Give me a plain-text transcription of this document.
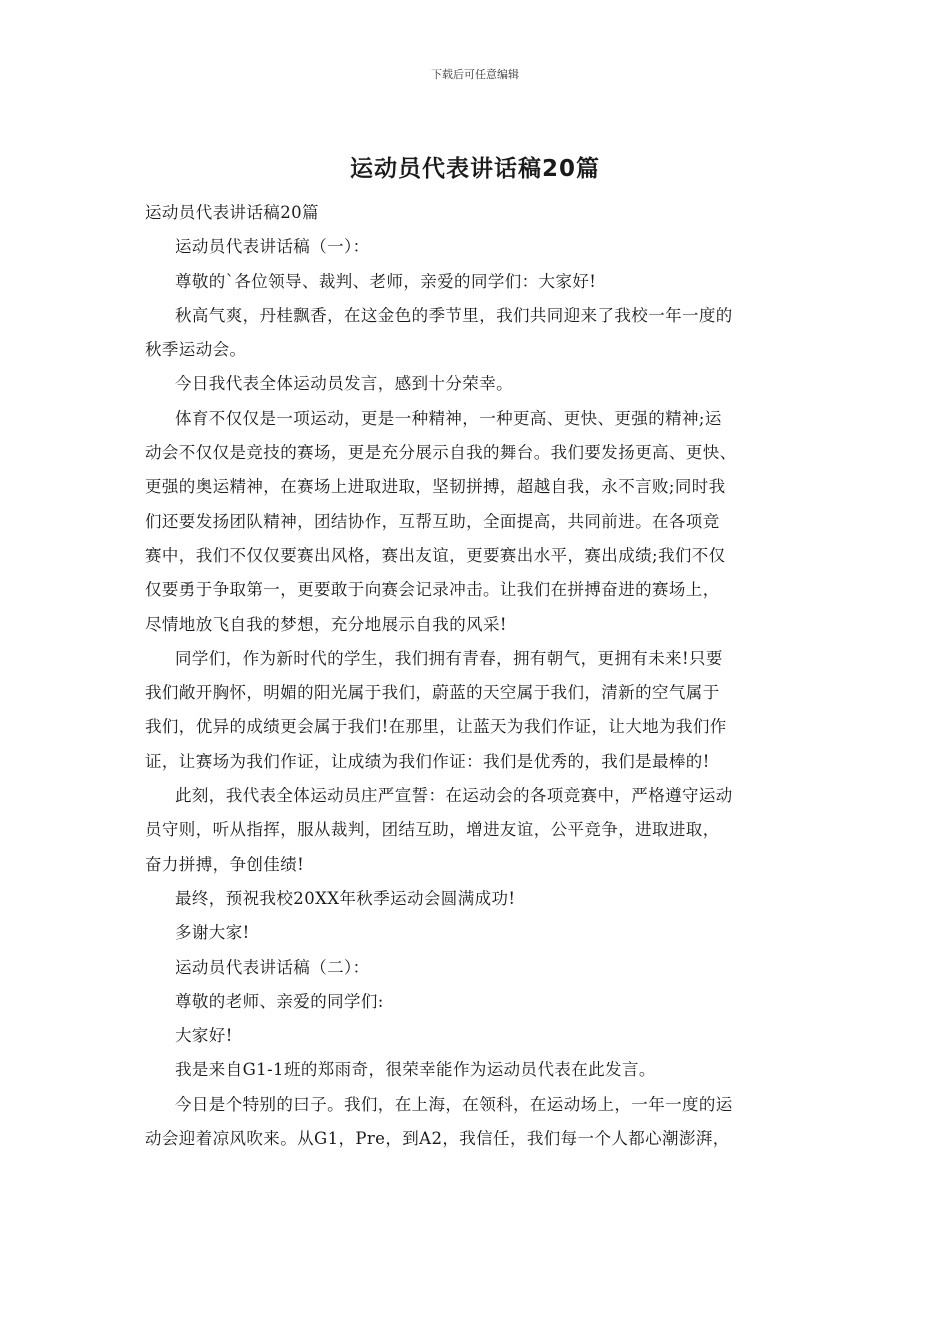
下载后可任意编辑
运动员代表讲话稿20篇
运动员代表讲话稿20篇
运动员代表讲话稿（一）：
尊敬的`各位领导、裁判、老师，亲爱的同学们：大家好!
秋高气爽，丹桂飘香，在这金色的季节里，我们共同迎来了我校一年一度的
秋季运动会。
今日我代表全体运动员发言，感到十分荣幸。
体育不仅仅是一项运动，更是一种精神，一种更高、更快、更强的精神;运
动会不仅仅是竞技的赛场，更是充分展示自我的舞台。我们要发扬更高、更快、
更强的奥运精神，在赛场上进取进取，坚韧拼搏，超越自我，永不言败;同时我
们还要发扬团队精神，团结协作，互帮互助，全面提高，共同前进。在各项竞
赛中，我们不仅仅要赛出风格，赛出友谊，更要赛出水平，赛出成绩;我们不仅
仅要勇于争取第一，更要敢于向赛会记录冲击。让我们在拼搏奋进的赛场上，
尽情地放飞自我的梦想，充分地展示自我的风采!
同学们，作为新时代的学生，我们拥有青春，拥有朝气，更拥有未来!只要
我们敞开胸怀，明媚的阳光属于我们，蔚蓝的天空属于我们，清新的空气属于
我们，优异的成绩更会属于我们!在那里，让蓝天为我们作证，让大地为我们作
证，让赛场为我们作证，让成绩为我们作证：我们是优秀的，我们是最棒的!
此刻，我代表全体运动员庄严宣誓：在运动会的各项竞赛中，严格遵守运动
员守则，听从指挥，服从裁判，团结互助，增进友谊，公平竞争，进取进取，
奋力拼搏，争创佳绩!
最终，预祝我校20XX年秋季运动会圆满成功!
多谢大家!
运动员代表讲话稿（二）：
尊敬的老师、亲爱的同学们:
大家好!
我是来自G1-1班的郑雨奇，很荣幸能作为运动员代表在此发言。
今日是个特别的曰子。我们，在上海，在领科，在运动场上，一年一度的运
动会迎着凉风吹来。从G1，Pre，到A2，我信任，我们每一个人都心潮澎湃，
